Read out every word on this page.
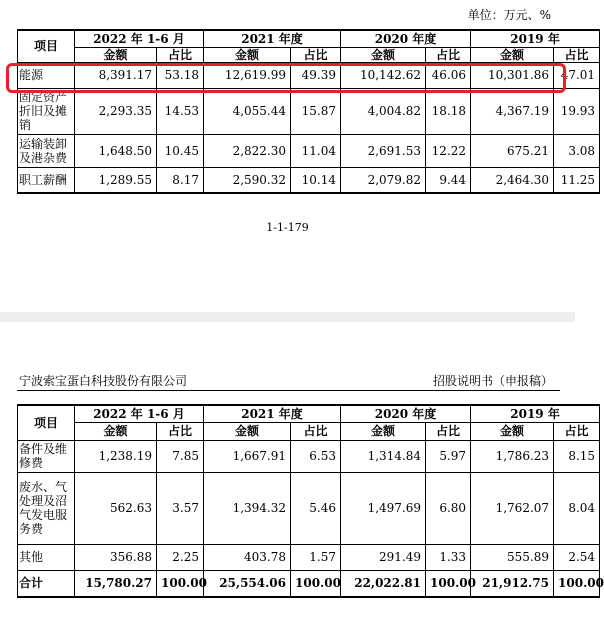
单位：万元、%
项目	2022 年 1-6 月		2021 年度		2020 年度		2019 年	
	金额	占比	金额	占比	金额	占比	金额	占比
能源	8,391.17	53.18	12,619.99	49.39	10,142.62	46.06	10,301.86	47.01
固定资产折旧及摊销	2,293.35	14.53	4,055.44	15.87	4,004.82	18.18	4,367.19	19.93
运输装卸及港杂费	1,648.50	10.45	2,822.30	11.04	2,691.53	12.22	675.21	3.08
职工薪酬	1,289.55	8.17	2,590.32	10.14	2,079.82	9.44	2,464.30	11.25
1-1-179
宁波索宝蛋白科技股份有限公司	招股说明书（申报稿）
项目	2022 年 1-6 月		2021 年度		2020 年度		2019 年	
	金额	占比	金额	占比	金额	占比	金额	占比
备件及维修费	1,238.19	7.85	1,667.91	6.53	1,314.84	5.97	1,786.23	8.15
废水、气处理及沼气发电服务费	562.63	3.57	1,394.32	5.46	1,497.69	6.80	1,762.07	8.04
其他	356.88	2.25	403.78	1.57	291.49	1.33	555.89	2.54
合计	15,780.27	100.00	25,554.06	100.00	22,022.81	100.00	21,912.75	100.00
